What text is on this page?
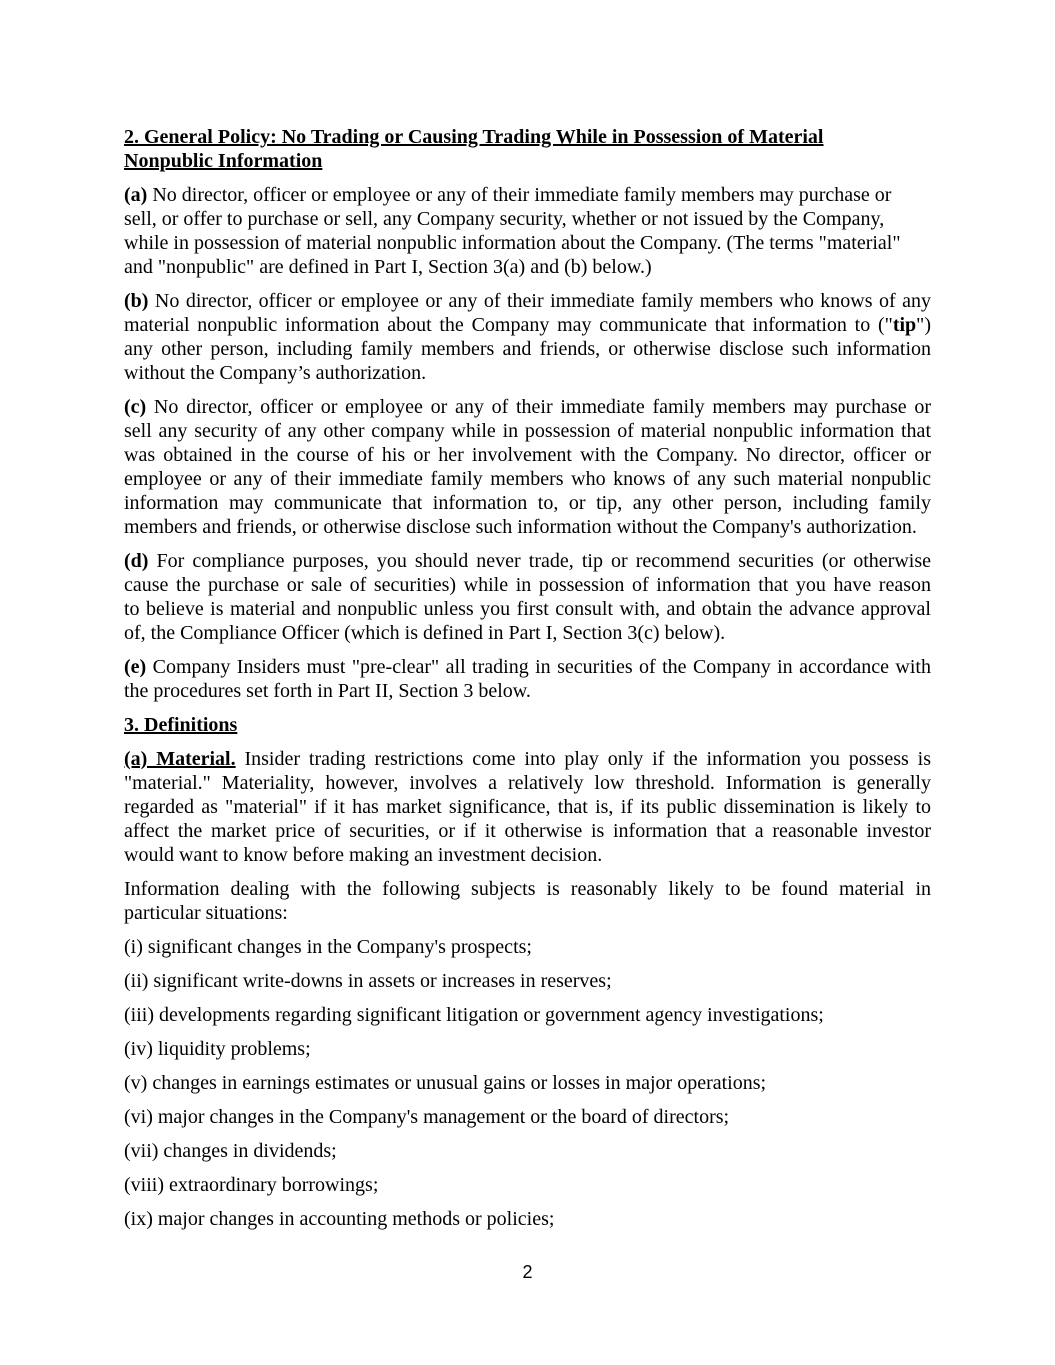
2. General Policy: No Trading or Causing Trading While in Possession of Material
Nonpublic Information
(a) No director, officer or employee or any of their immediate family members may purchase or
sell, or offer to purchase or sell, any Company security, whether or not issued by the Company,
while in possession of material nonpublic information about the Company. (The terms "material"
and "nonpublic" are defined in Part I, Section 3(a) and (b) below.)
(b) No director, officer or employee or any of their immediate family members who knows of any
material nonpublic information about the Company may communicate that information to ("tip")
any other person, including family members and friends, or otherwise disclose such information
without the Company’s authorization.
(c) No director, officer or employee or any of their immediate family members may purchase or
sell any security of any other company while in possession of material nonpublic information that
was obtained in the course of his or her involvement with the Company. No director, officer or
employee or any of their immediate family members who knows of any such material nonpublic
information may communicate that information to, or tip, any other person, including family
members and friends, or otherwise disclose such information without the Company's authorization.
(d) For compliance purposes, you should never trade, tip or recommend securities (or otherwise
cause the purchase or sale of securities) while in possession of information that you have reason
to believe is material and nonpublic unless you first consult with, and obtain the advance approval
of, the Compliance Officer (which is defined in Part I, Section 3(c) below).
(e) Company Insiders must "pre-clear" all trading in securities of the Company in accordance with
the procedures set forth in Part II, Section 3 below.
3. Definitions
(a) Material. Insider trading restrictions come into play only if the information you possess is
"material." Materiality, however, involves a relatively low threshold. Information is generally
regarded as "material" if it has market significance, that is, if its public dissemination is likely to
affect the market price of securities, or if it otherwise is information that a reasonable investor
would want to know before making an investment decision.
Information dealing with the following subjects is reasonably likely to be found material in
particular situations:
(i) significant changes in the Company's prospects;
(ii) significant write-downs in assets or increases in reserves;
(iii) developments regarding significant litigation or government agency investigations;
(iv) liquidity problems;
(v) changes in earnings estimates or unusual gains or losses in major operations;
(vi) major changes in the Company's management or the board of directors;
(vii) changes in dividends;
(viii) extraordinary borrowings;
(ix) major changes in accounting methods or policies;
2
